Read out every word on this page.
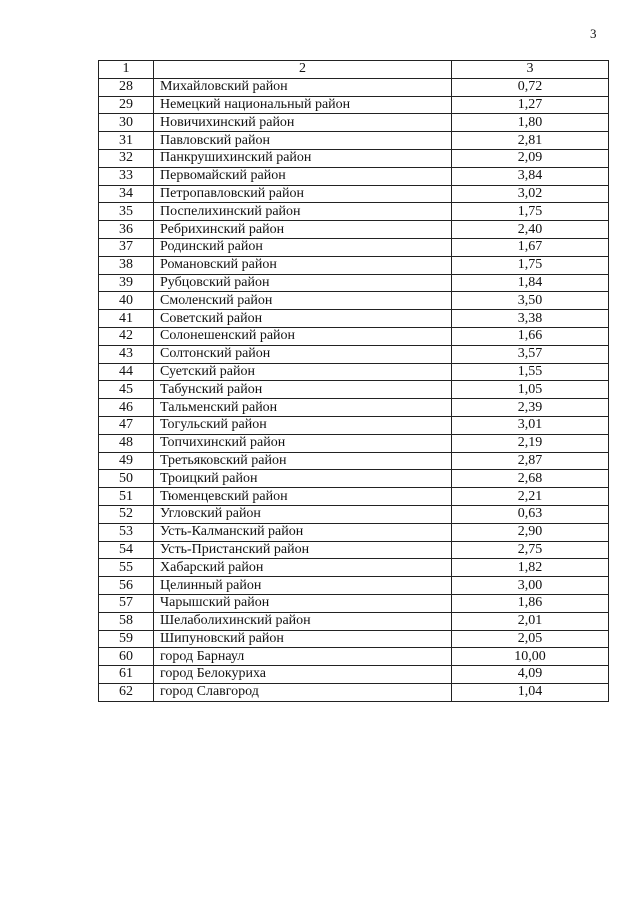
3
1	2	3
28	Михайловский район	0,72
29	Немецкий национальный район	1,27
30	Новичихинский район	1,80
31	Павловский район	2,81
32	Панкрушихинский район	2,09
33	Первомайский район	3,84
34	Петропавловский район	3,02
35	Поспелихинский район	1,75
36	Ребрихинский район	2,40
37	Родинский район	1,67
38	Романовский район	1,75
39	Рубцовский район	1,84
40	Смоленский район	3,50
41	Советский район	3,38
42	Солонешенский район	1,66
43	Солтонский район	3,57
44	Суетский район	1,55
45	Табунский район	1,05
46	Тальменский район	2,39
47	Тогульский район	3,01
48	Топчихинский район	2,19
49	Третьяковский район	2,87
50	Троицкий район	2,68
51	Тюменцевский район	2,21
52	Угловский район	0,63
53	Усть-Калманский район	2,90
54	Усть-Пристанский район	2,75
55	Хабарский район	1,82
56	Целинный район	3,00
57	Чарышский район	1,86
58	Шелаболихинский район	2,01
59	Шипуновский район	2,05
60	город Барнаул	10,00
61	город Белокуриха	4,09
62	город Славгород	1,04
